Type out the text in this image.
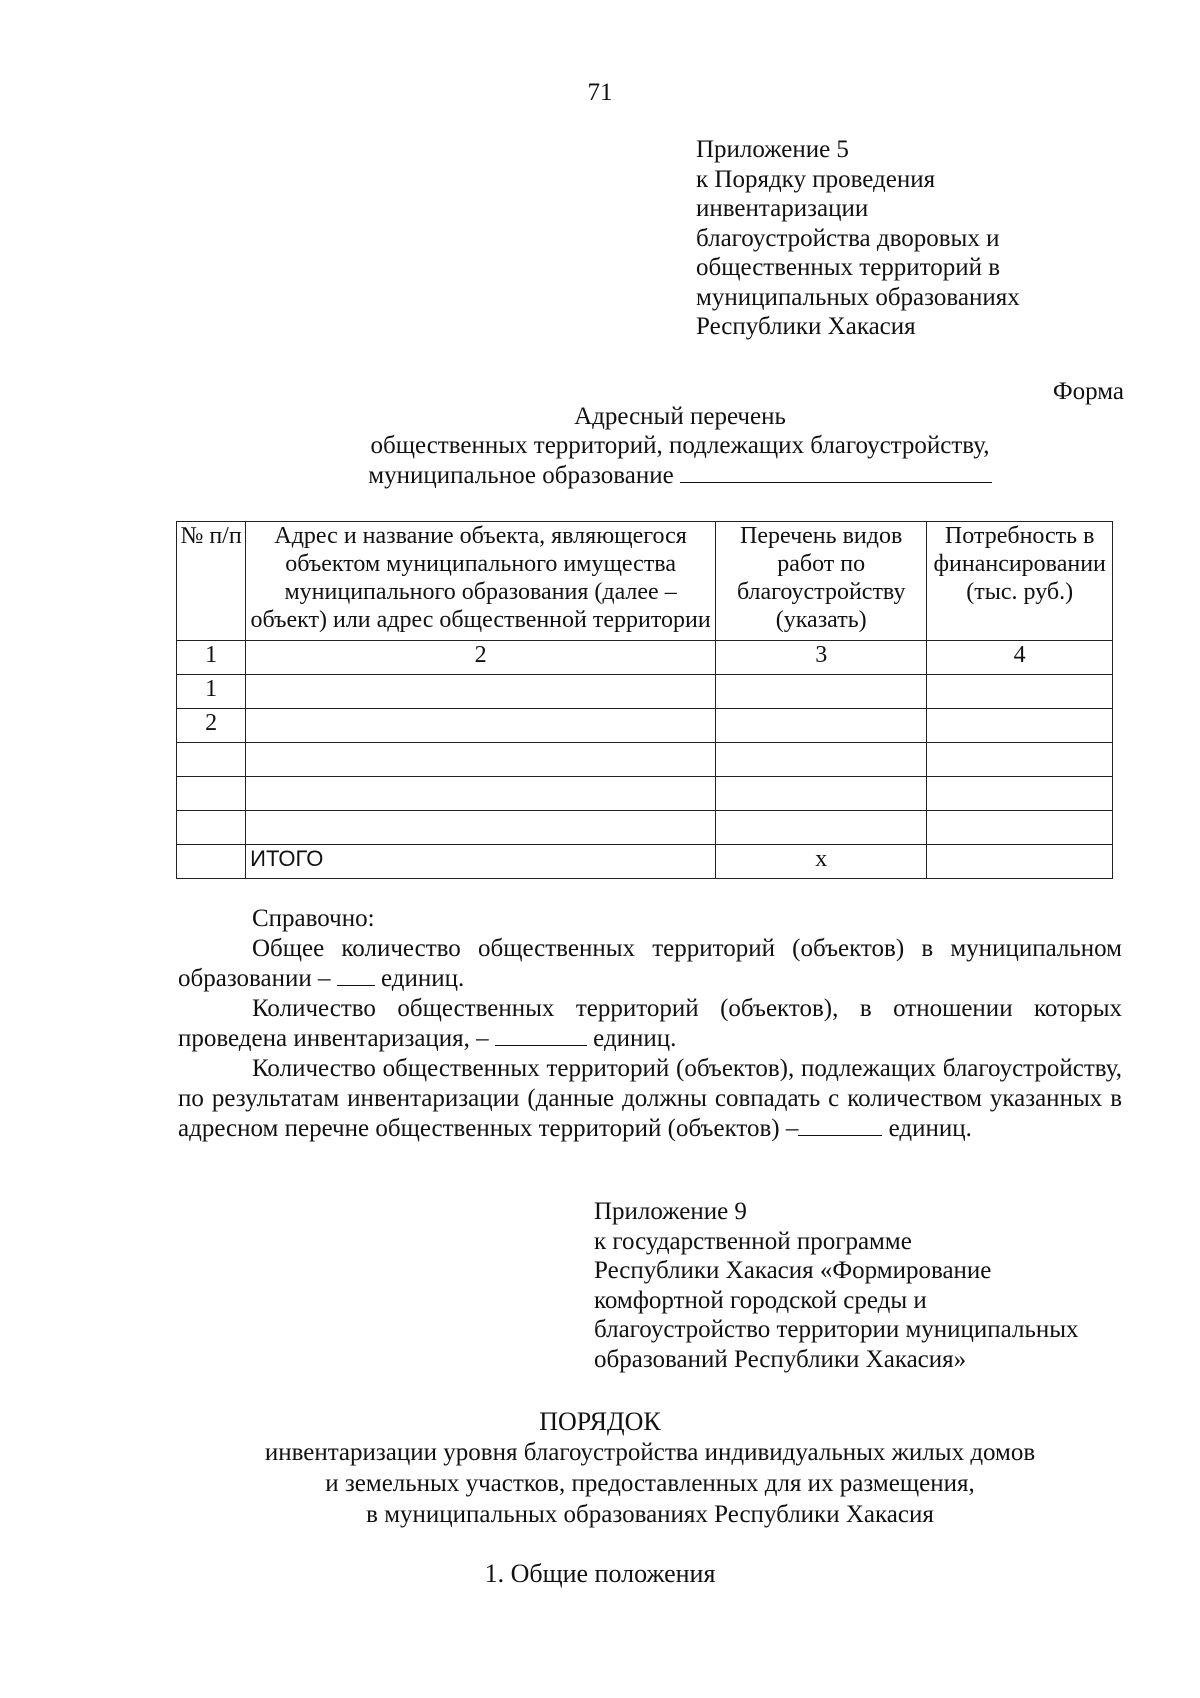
71
Приложение 5
к Порядку проведения
инвентаризации
благоустройства дворовых и
общественных территорий в
муниципальных образованиях
Республики Хакасия
Форма
Адресный перечень
общественных территорий, подлежащих благоустройству,
муниципальное образование
№ п/п	Адрес и название объекта, являющегося объектом муниципального имущества муниципального образования (далее – объект) или адрес общественной территории	Перечень видов работ по благоустройству (указать)	Потребность в финансировании (тыс. руб.)
1	2	3	4
1			
2			

	ИТОГО	х	

Справочно:

Общее количество общественных территорий (объектов) в муниципальном образовании – единиц.

Количество общественных территорий (объектов), в отношении которых проведена инвентаризация, –	единиц.

Количество общественных территорий (объектов), подлежащих благоустройству, по результатам инвентаризации (данные должны совпадать с количеством указанных в адресном перечне общественных территорий (объектов) –	единиц.

Приложение 9
к государственной программе
Республики Хакасия «Формирование
комфортной городской среды и
благоустройство территории муниципальных
образований Республики Хакасия»
ПОРЯДОК
инвентаризации уровня благоустройства индивидуальных жилых домов
и земельных участков, предоставленных для их размещения,
в муниципальных образованиях Республики Хакасия
1. Общие положения
